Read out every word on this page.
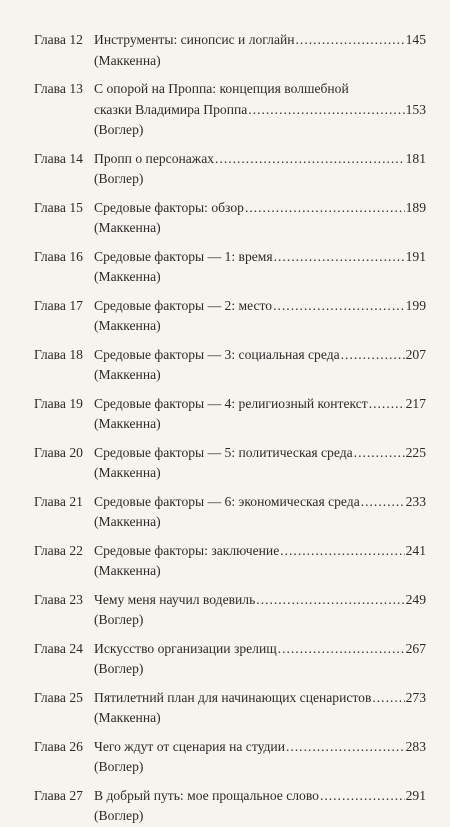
Глава 12 Инструменты: синопсис и логлайн . . .	145
(Маккенна)
Глава 13 С опорой на Проппа: концепция волшебной
сказки Владимира Проппа . . .	153
(Воглер)
Глава 14 Пропп о персонажах . . .	181
(Воглер)
Глава 15 Средовые факторы: обзор . . .	189
(Маккенна)
Глава 16 Средовые факторы — 1: время . . .	191
(Маккенна)
Глава 17 Средовые факторы — 2: место . . .	199
(Маккенна)
Глава 18 Средовые факторы — 3: социальная среда . . .	207
(Маккенна)
Глава 19 Средовые факторы — 4: религиозный контекст . . .	217
(Маккенна)
Глава 20 Средовые факторы — 5: политическая среда . . .	225
(Маккенна)
Глава 21 Средовые факторы — 6: экономическая среда . . .	233
(Маккенна)
Глава 22 Средовые факторы: заключение . . .	241
(Маккенна)
Глава 23 Чему меня научил водевиль . . .	249
(Воглер)
Глава 24 Искусство организации зрелищ . . .	267
(Воглер)
Глава 25 Пятилетний план для начинающих сценаристов . . .	273
(Маккенна)
Глава 26 Чего ждут от сценария на студии . . .	283
(Воглер)
Глава 27 В добрый путь: мое прощальное слово . . .	291
(Воглер)
